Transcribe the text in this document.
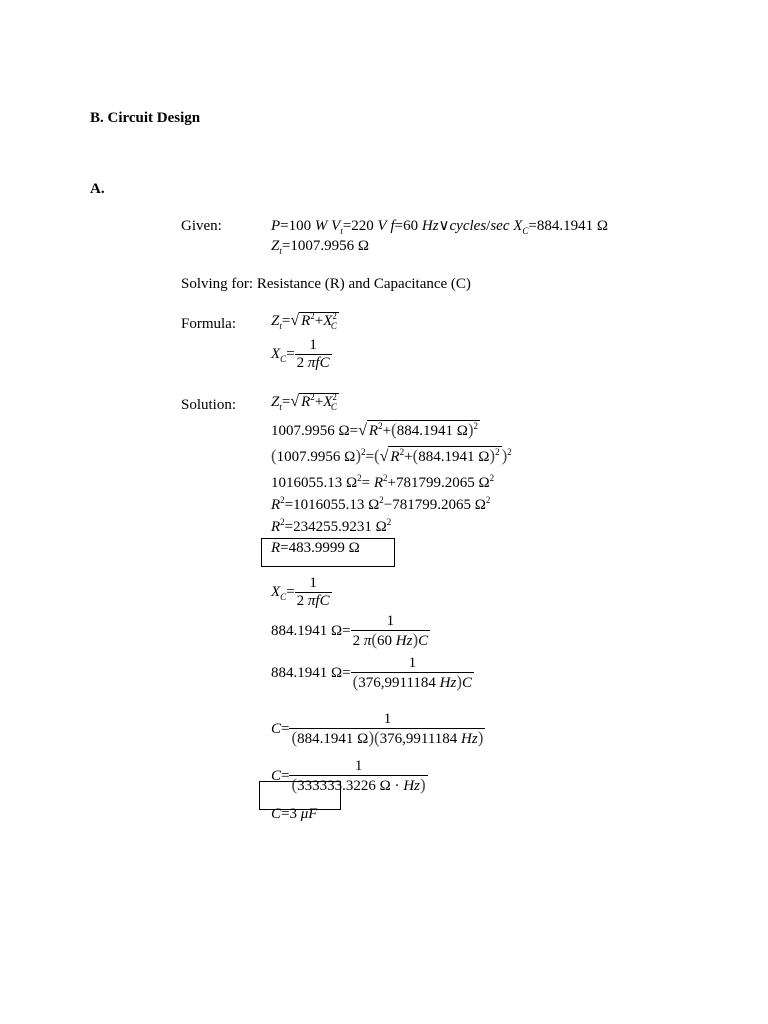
B. Circuit Design
A.
Given:	P=100 W $V_t=220$ V f=60 Hz∨cycles/sec $X_C=884.1941$ Ω
$Z_t=1007.9956$ Ω
Solving for: Resistance (R) and Capacitance (C)
Formula: $Z_t=√$ $R^2+X^2_C$
$X_C= \frac{1}{\text{2 πfC}}$
Solution: $Z_t=√$ $R^2+X^2_C$
1007.9956 Ω=√ $R^2+(884.1941$ Ω)$^2$
(1007.9956 Ω)$^2$=(√ $R^2+(884.1941$ Ω)$^2$ )$^2$
1016055.13 $\Omega^2= R^2+781799.2065$ $\Omega^2$
$R^2=1016055.13$ $\Omega^2-781799.2065$ $\Omega^2$
$R^2=234255.9231$ $\Omega^2$
R=483.9999 Ω
$X_C= \frac{1}{\text{2 πfC}}$
884.1941 $\Omega= \frac{1}{2 \pi(60 Hz)C}$
884.1941 $\Omega= \frac{1}{(376,9911184 Hz)C}$
$C= \frac{1}{(884.1941 \Omega)(376,9911184 Hz)}$
$C= \frac{1}{(333333.3226 \Omega \cdot Hz)}$
C=3 μF
